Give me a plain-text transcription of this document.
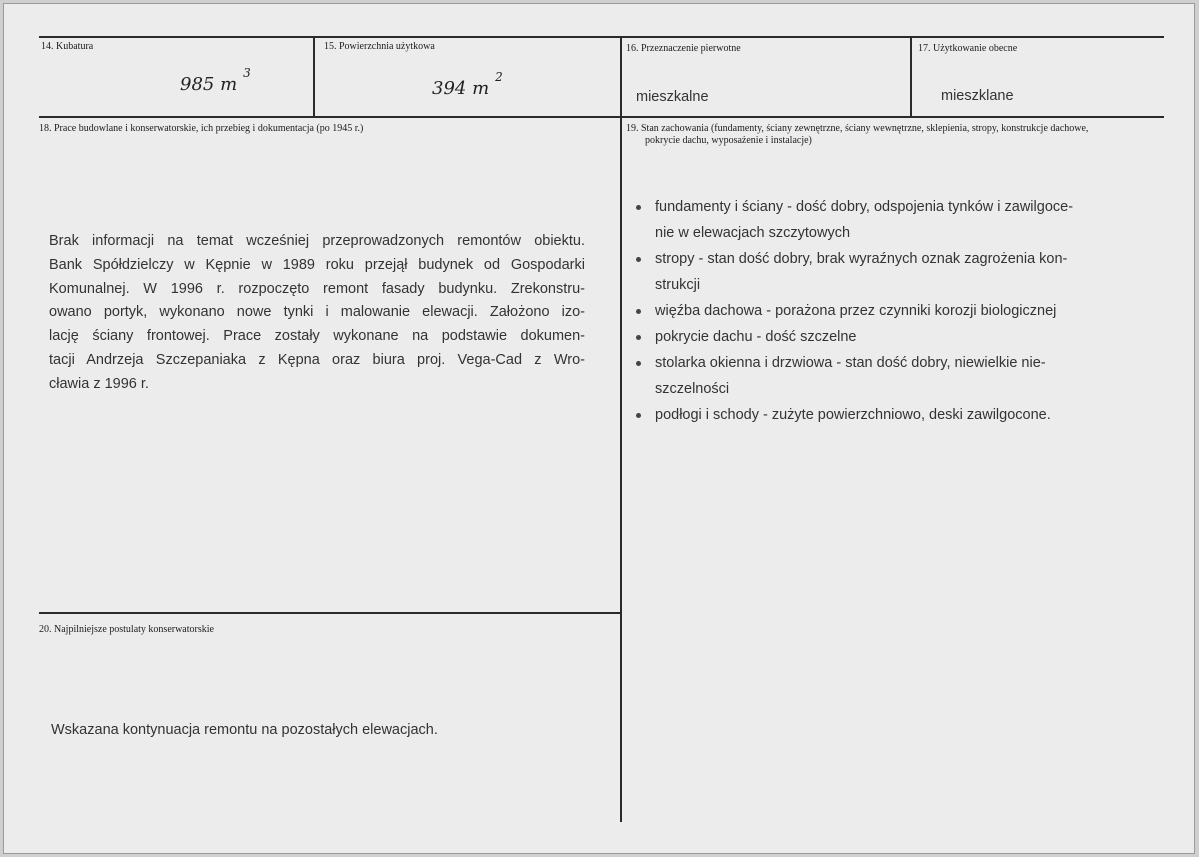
14. Kubatura
985 $m^3$
15. Powierzchnia użytkowa
394 $m^2$
16. Przeznaczenie pierwotne
mieszkalne
17. Użytkowanie obecne
mieszklane
18. Prace budowlane i konserwatorskie, ich przebieg i dokumentacja (po 1945 r.)
Brak informacji na temat wcześniej przeprowadzonych remontów obiektu.
Bank Spółdzielczy w Kępnie w 1989 roku przejął budynek od Gospodarki
Komunalnej. W 1996 r. rozpoczęto remont fasady budynku. Zrekonstru-
owano portyk, wykonano nowe tynki i malowanie elewacji. Założono izo-
lację ściany frontowej. Prace zostały wykonane na podstawie dokumen-
tacji Andrzeja Szczepaniaka z Kępna oraz biura proj. Vega-Cad z Wro-
cławia z 1996 r.
19. Stan zachowania (fundamenty, ściany zewnętrzne, ściany wewnętrzne, sklepienia, stropy, konstrukcje dachowe,
pokrycie dachu, wyposażenie i instalacje)
fundamenty i ściany - dość dobry, odspojenia tynków i zawilgoce-
nie w elewacjach szczytowych
stropy - stan dość dobry, brak wyraźnych oznak zagrożenia kon-
strukcji
więźba dachowa - porażona przez czynniki korozji biologicznej
pokrycie dachu - dość szczelne
stolarka okienna i drzwiowa - stan dość dobry, niewielkie nie-
szczelności
podłogi i schody - zużyte powierzchniowo, deski zawilgocone.
20. Najpilniejsze postulaty konserwatorskie
Wskazana kontynuacja remontu na pozostałych elewacjach.
